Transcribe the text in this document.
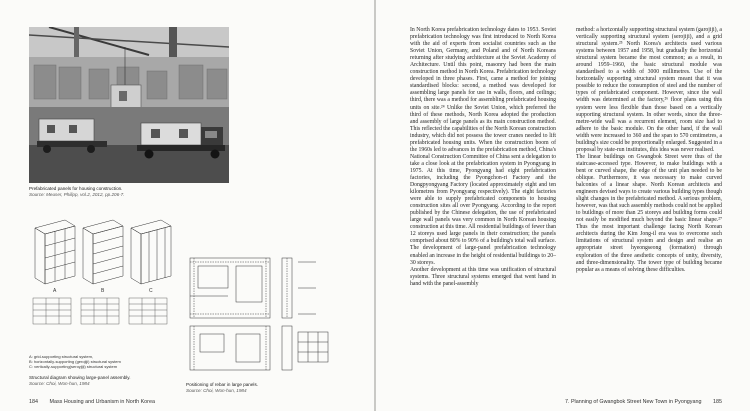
Prefabricated panels for housing construction.
Source: Meuser, Philipp, vol.2, 2012, pp.206-7.
A	B	C
A: grid-supporting structural system,
B: horizontally-supporting (gerojiji) structural system
C: vertically-supporting(seroyjiji) structural system
Structural diagram showing large-panel assembly.
Source: Choi, Won-hun, 1984	Positioning of rebar in large panels.
Source: Choi, Won-hun, 1984
184 Mass Housing and Urbanism in North Korea

In North Korea prefabrication technology dates to 1953. Soviet prefabrication technology was first introduced to North Korea with the aid of experts from socialist countries such as the Soviet Union, Germany, and Poland and of North Koreans returning after studying architecture at the Soviet Academy of Architecture. Until this point, masonry had been the main construction method in North Korea. Prefabrication technology developed in three phases. First, came a method for joining standardised blocks: second, a method was developed for assembling large panels for use in walls, floors, and ceilings; third, there was a method for assembling prefabricated housing units on site.²⁴ Unlike the Soviet Union, which preferred the third of these methods, North Korea adopted the production and assembly of large panels as its main construction method. This reflected the capabilities of the North Korean construction industry, which did not possess the tower cranes needed to lift prefabricated housing units. When the construction boom of the 1960s led to advances in the prefabrication method, China's National Construction Committee of China sent a delegation to take a close look at the prefabrication system in Pyongyang in 1975. At this time, Pyongyang had eight prefabrication factories, including the Pyongchon-ri Factory and the Dongpyongyang Factory (located approximately eight and ten kilometres from Pyongyang respectively). The eight factories were able to supply prefabricated components to housing construction sites all over Pyongyang. According to the report published by the Chinese delegation, the use of prefabricated large wall panels was very common in North Korean housing construction at this time. All residential buildings of fewer than 12 storeys used large panels in their construction; the panels comprised about 80% to 90% of a building's total wall surface. The development of large-panel prefabrication technology enabled an increase in the height of residential buildings to 20–30 storeys.

Another development at this time was unification of structural systems. Three structural systems emerged that went hand in hand with the panel-assembly

method: a horizontally supporting structural system (garojiji), a vertically supporting structural system (serojiji), and a grid structural system.²⁵ North Korea's architects used various systems between 1957 and 1958, but gradually the horizontal structural system became the most common; as a result, in around 1959–1960, the basic structural module was standardised to a width of 3000 millimetres. Use of the horizontally supporting structural system meant that it was possible to reduce the consumption of steel and the number of types of prefabricated component. However, since the wall width was determined at the factory,²⁶ floor plans using this system were less flexible than those based on a vertically supporting structural system. In other words, since the three-metre-wide wall was a recurrent element, room size had to adhere to the basic module. On the other hand, if the wall width were increased to 360 and the span to 570 centimetres, a building's size could be proportionally enlarged. Suggested in a proposal by state-run institutes, this idea was never realised.

The linear buildings on Gwangbok Street were thus of the staircase-accessed type. However, to make buildings with a bent or curved shape, the edge of the unit plan needed to be oblique. Furthermore, it was necessary to make curved balconies of a linear shape. North Korean architects and engineers devised ways to create various building types though slight changes in the prefabricated method. A serious problem, however, was that such assembly methods could not be applied to buildings of more than 25 storeys and building forms could not easily be modified much beyond the basic linear shape.²⁷ Thus the most important challenge facing North Korean architects during the Kim Jong-il era was to overcome such limitations of structural system and design and realise an appropriate street hyeongseong (formation) through exploration of the three aesthetic concepts of unity, diversity, and three-dimensionality. The tower type of building became popular as a means of solving these difficulties.

7. Planning of Gwangbok Street New Town in Pyongyang 185
